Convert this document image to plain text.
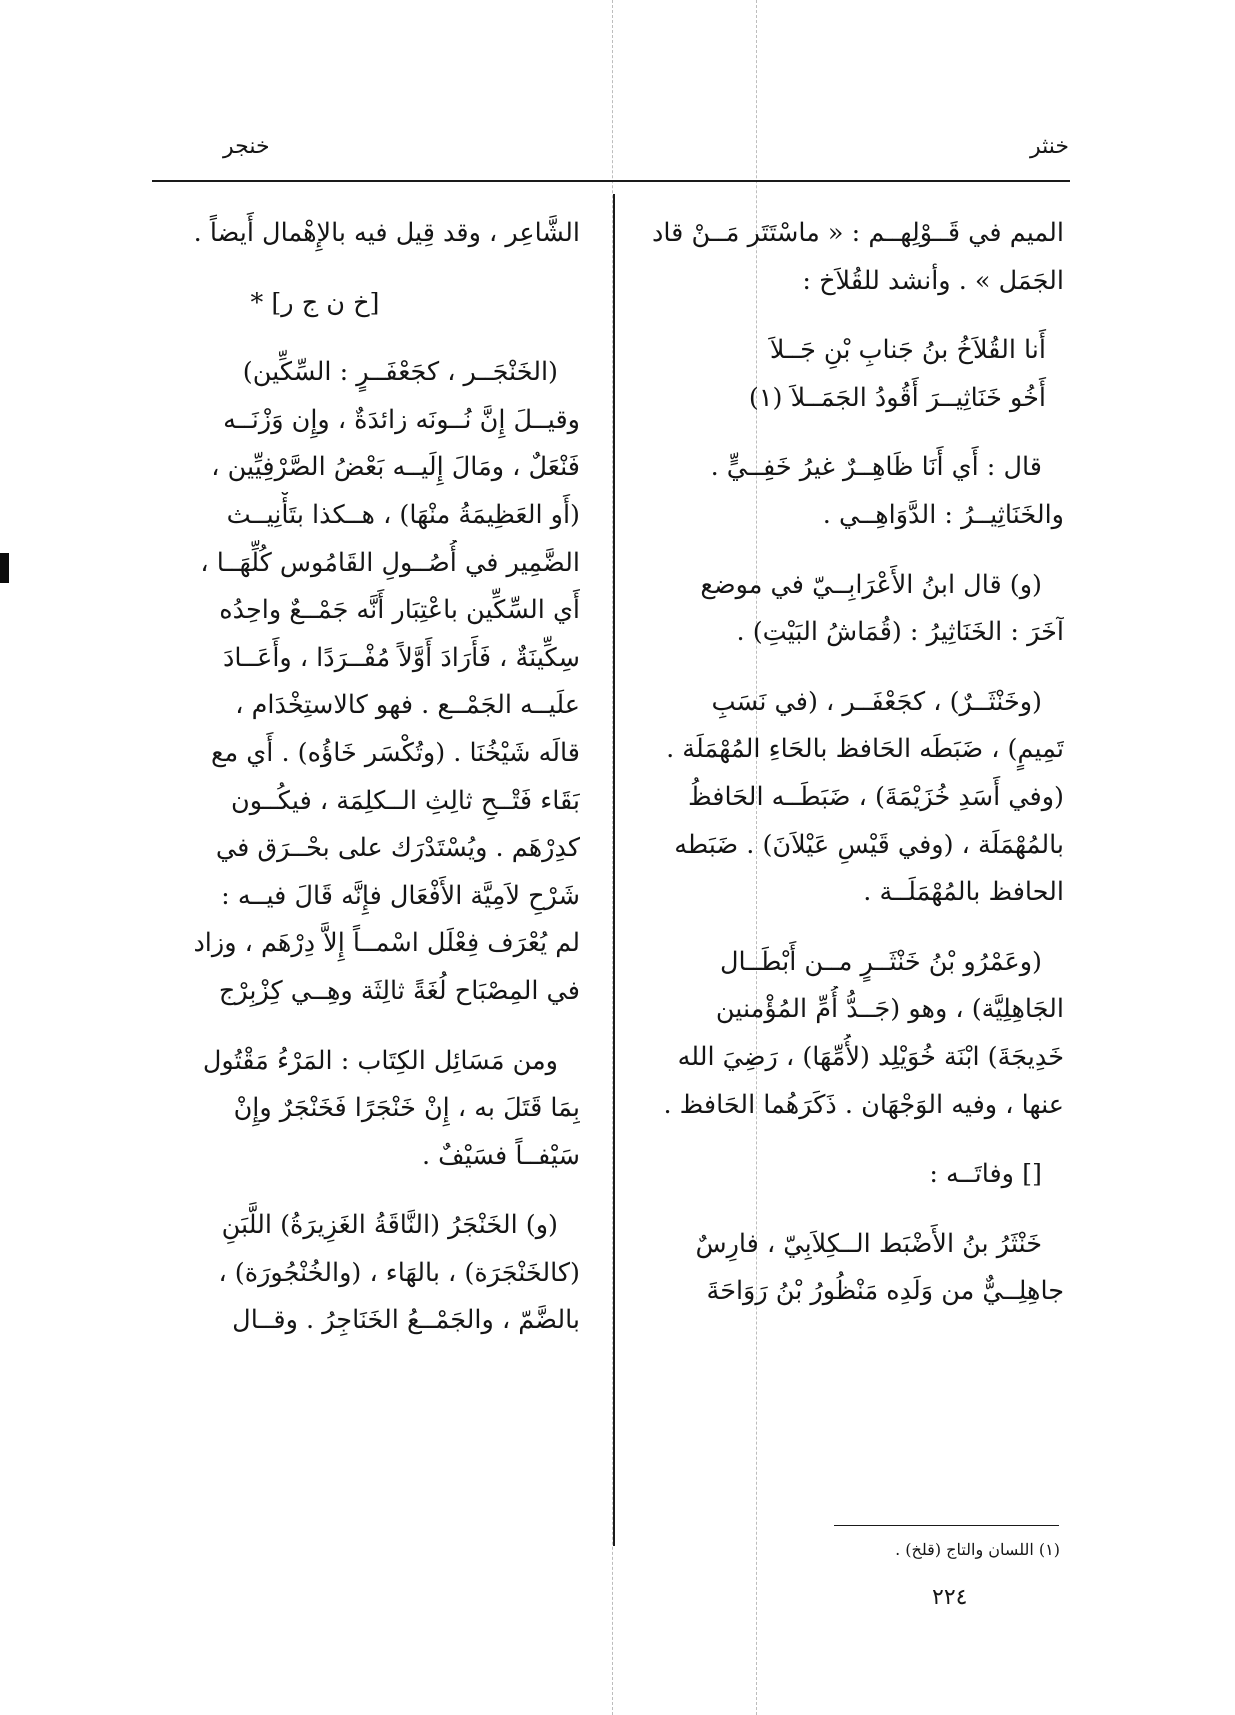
خنثر
خنجر
الميم في قَــوْلِهــم : « ماسْتَتَر مَــنْ قاد
الجَمَل » . وأنشد للقُلاَخ :
أَنا القُلاَخُ بنُ جَنابِ بْنِ جَــلاَ
أَخُو خَنَاثِيــرَ أَقُودُ الجَمَــلاَ (١)
قال : أَي أَنَا ظَاهِــرٌ غيرُ خَفِــيٍّ .
والخَنَاثِيــرُ : الدَّوَاهِــي .
(و) قال ابنُ الأَعْرَابِــيّ في موضع
آخَرَ : الخَنَاثِيرُ : (قُمَاشُ البَيْتِ) .
(وخَنْثَــرٌ) ، كجَعْفَــر ، (في نَسَبِ
تَمِيمٍ) ، ضَبَطَه الحَافظ بالحَاءِ المُهْمَلَة .
(وفي أَسَدِ خُزَيْمَةَ) ، ضَبَطَــه الحَافظُ
بالمُهْمَلَة ، (وفي قَيْسِ عَيْلاَنَ) . ضَبَطه
الحافظ بالمُهْمَلَــة .
(وعَمْرُو بْنُ خَنْثَــرٍ مــن أَبْطَــال
الجَاهِلِيَّة) ، وهو (جَــدُّ أُمِّ المُؤْمنين
خَدِيجَةَ) ابْنَة خُوَيْلِد (لأُمِّهَا) ، رَضِيَ الله
عنها ، وفيه الوَجْهَان . ذَكَرَهُما الحَافظ .
[] وفاتَــه :
خَنْثَرُ بنُ الأَضْبَط الــكِلاَبِيّ ، فارِسٌ
جاهِلِــيٌّ من وَلَدِه مَنْظُورُ بْنُ رَوَاحَةَ
الشَّاعِر ، وقد قِيل فيه بالإِهْمال أَيضاً .
[خ ن ج ر] *
(الخَنْجَــر ، كجَعْفَــرٍ : السِّكِّين)
وقيــلَ إِنَّ نُــونَه زائدَةٌ ، وإِن وَزْنَــه
فَنْعَلٌ ، ومَالَ إِلَيــه بَعْضُ الصَّرْفِيِّين ،
(أَو العَظِيمَةُ منْهَا) ، هــكذا بتَأْنِيــث
الضَّمِير في أُصُــولِ القَامُوس كُلِّهَــا ،
أَي السِّكِّين باعْتِبَار أَنَّه جَمْــعٌ واحِدُه
سِكِّينَةٌ ، فَأَرَادَ أَوَّلاً مُفْــرَدًا ، وأَعَــادَ
علَيــه الجَمْــع . فهو كالاستِخْدَام ،
قالَه شَيْخُنَا . (وتُكْسَر خَاؤُه) . أَي مع
بَقَاء فَتْــحِ ثالِثِ الــكلِمَة ، فيكُــون
كدِرْهَم . ويُسْتَدْرَك على بحْــرَق في
شَرْحِ لاَمِيَّة الأَفْعَال فإِنَّه قَالَ فيــه :
لم يُعْرَف فِعْلَل اسْمــاً إِلاَّ دِرْهَم ، وزاد
في المِصْبَاح لُغَةً ثالِثَة وهِــي كِزْبِرْج
ومن مَسَائِل الكِتَاب : المَرْءُ مَقْتُول
بِمَا قَتَلَ به ، إِنْ خَنْجَرًا فَخَنْجَرٌ وإِنْ
سَيْفــاً فسَيْفٌ .
(و) الخَنْجَرُ (النَّاقَةُ الغَزِيرَةُ) اللَّبَنِ
(كالخَنْجَرَة) ، بالهَاء ، (والخُنْجُورَة) ،
بالضَّمّ ، والجَمْــعُ الخَنَاجِرُ . وقــال
(١) اللسان والتاج (قلخ) .
٢٢٤
